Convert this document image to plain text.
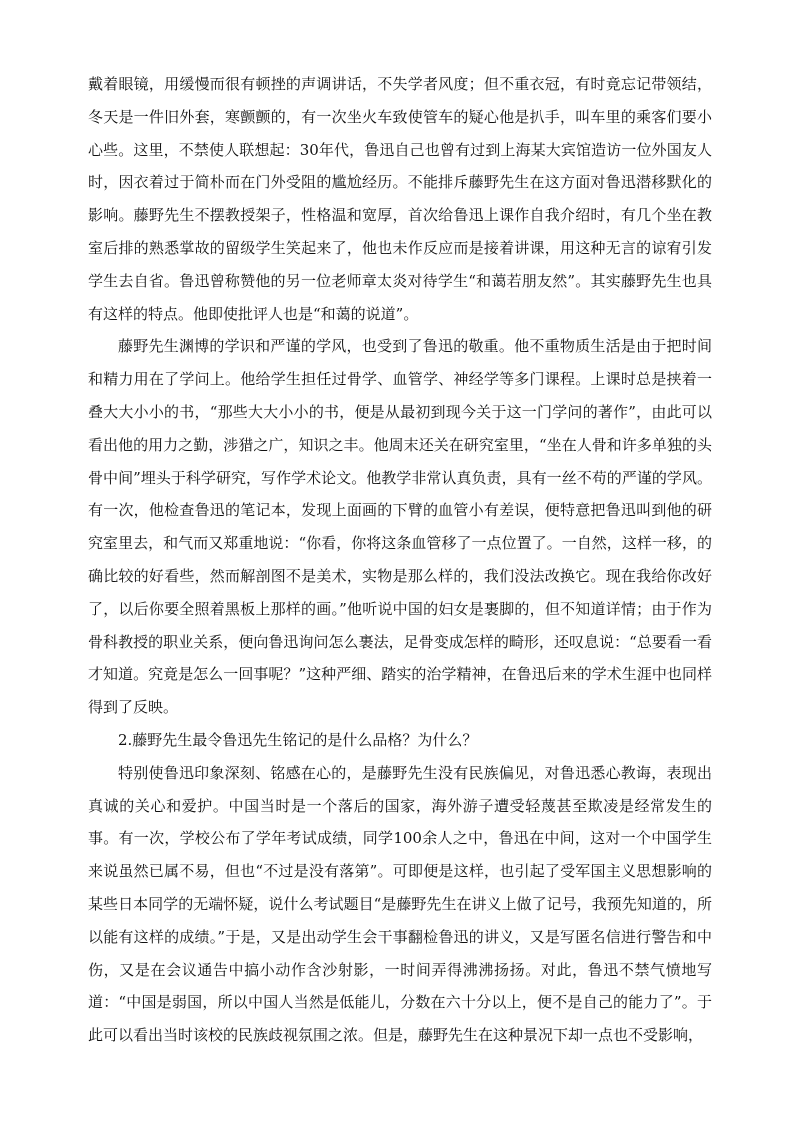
戴着眼镜，用缓慢而很有顿挫的声调讲话，不失学者风度；但不重衣冠，有时竟忘记带领结，冬天是一件旧外套，寒颤颤的，有一次坐火车致使管车的疑心他是扒手，叫车里的乘客们要小心些。这里，不禁使人联想起：30年代，鲁迅自己也曾有过到上海某大宾馆造访一位外国友人时，因衣着过于简朴而在门外受阻的尴尬经历。不能排斥藤野先生在这方面对鲁迅潜移默化的影响。藤野先生不摆教授架子，性格温和宽厚，首次给鲁迅上课作自我介绍时，有几个坐在教室后排的熟悉掌故的留级学生笑起来了，他也未作反应而是接着讲课，用这种无言的谅宥引发学生去自省。鲁迅曾称赞他的另一位老师章太炎对待学生“和蔼若朋友然”。其实藤野先生也具有这样的特点。他即使批评人也是“和蔼的说道”。

藤野先生渊博的学识和严谨的学风，也受到了鲁迅的敬重。他不重物质生活是由于把时间和精力用在了学问上。他给学生担任过骨学、血管学、神经学等多门课程。上课时总是挟着一叠大大小小的书，“那些大大小小的书，便是从最初到现今关于这一门学问的著作”，由此可以看出他的用力之勤，涉猎之广，知识之丰。他周末还关在研究室里，“坐在人骨和许多单独的头骨中间”埋头于科学研究，写作学术论文。他教学非常认真负责，具有一丝不苟的严谨的学风。有一次，他检查鲁迅的笔记本，发现上面画的下臂的血管小有差误，便特意把鲁迅叫到他的研究室里去，和气而又郑重地说：“你看，你将这条血管移了一点位置了。一自然，这样一移，的确比较的好看些，然而解剖图不是美术，实物是那么样的，我们没法改换它。现在我给你改好了，以后你要全照着黑板上那样的画。”他听说中国的妇女是裹脚的，但不知道详情；由于作为骨科教授的职业关系，便向鲁迅询问怎么裹法，足骨变成怎样的畸形，还叹息说：“总要看一看才知道。究竟是怎么一回事呢？”这种严细、踏实的治学精神，在鲁迅后来的学术生涯中也同样得到了反映。

2.藤野先生最令鲁迅先生铭记的是什么品格？为什么？

特别使鲁迅印象深刻、铭感在心的，是藤野先生没有民族偏见，对鲁迅悉心教诲，表现出真诚的关心和爱护。中国当时是一个落后的国家，海外游子遭受轻蔑甚至欺凌是经常发生的事。有一次，学校公布了学年考试成绩，同学100余人之中，鲁迅在中间，这对一个中国学生来说虽然已属不易，但也“不过是没有落第”。可即便是这样，也引起了受军国主义思想影响的某些日本同学的无端怀疑，说什么考试题目“是藤野先生在讲义上做了记号，我预先知道的，所以能有这样的成绩。”于是，又是出动学生会干事翻检鲁迅的讲义，又是写匿名信进行警告和中伤，又是在会议通告中搞小动作含沙射影，一时间弄得沸沸扬扬。对此，鲁迅不禁气愤地写道：“中国是弱国，所以中国人当然是低能儿，分数在六十分以上，便不是自己的能力了”。于此可以看出当时该校的民族歧视氛围之浓。但是，藤野先生在这种景况下却一点也不受影响，
